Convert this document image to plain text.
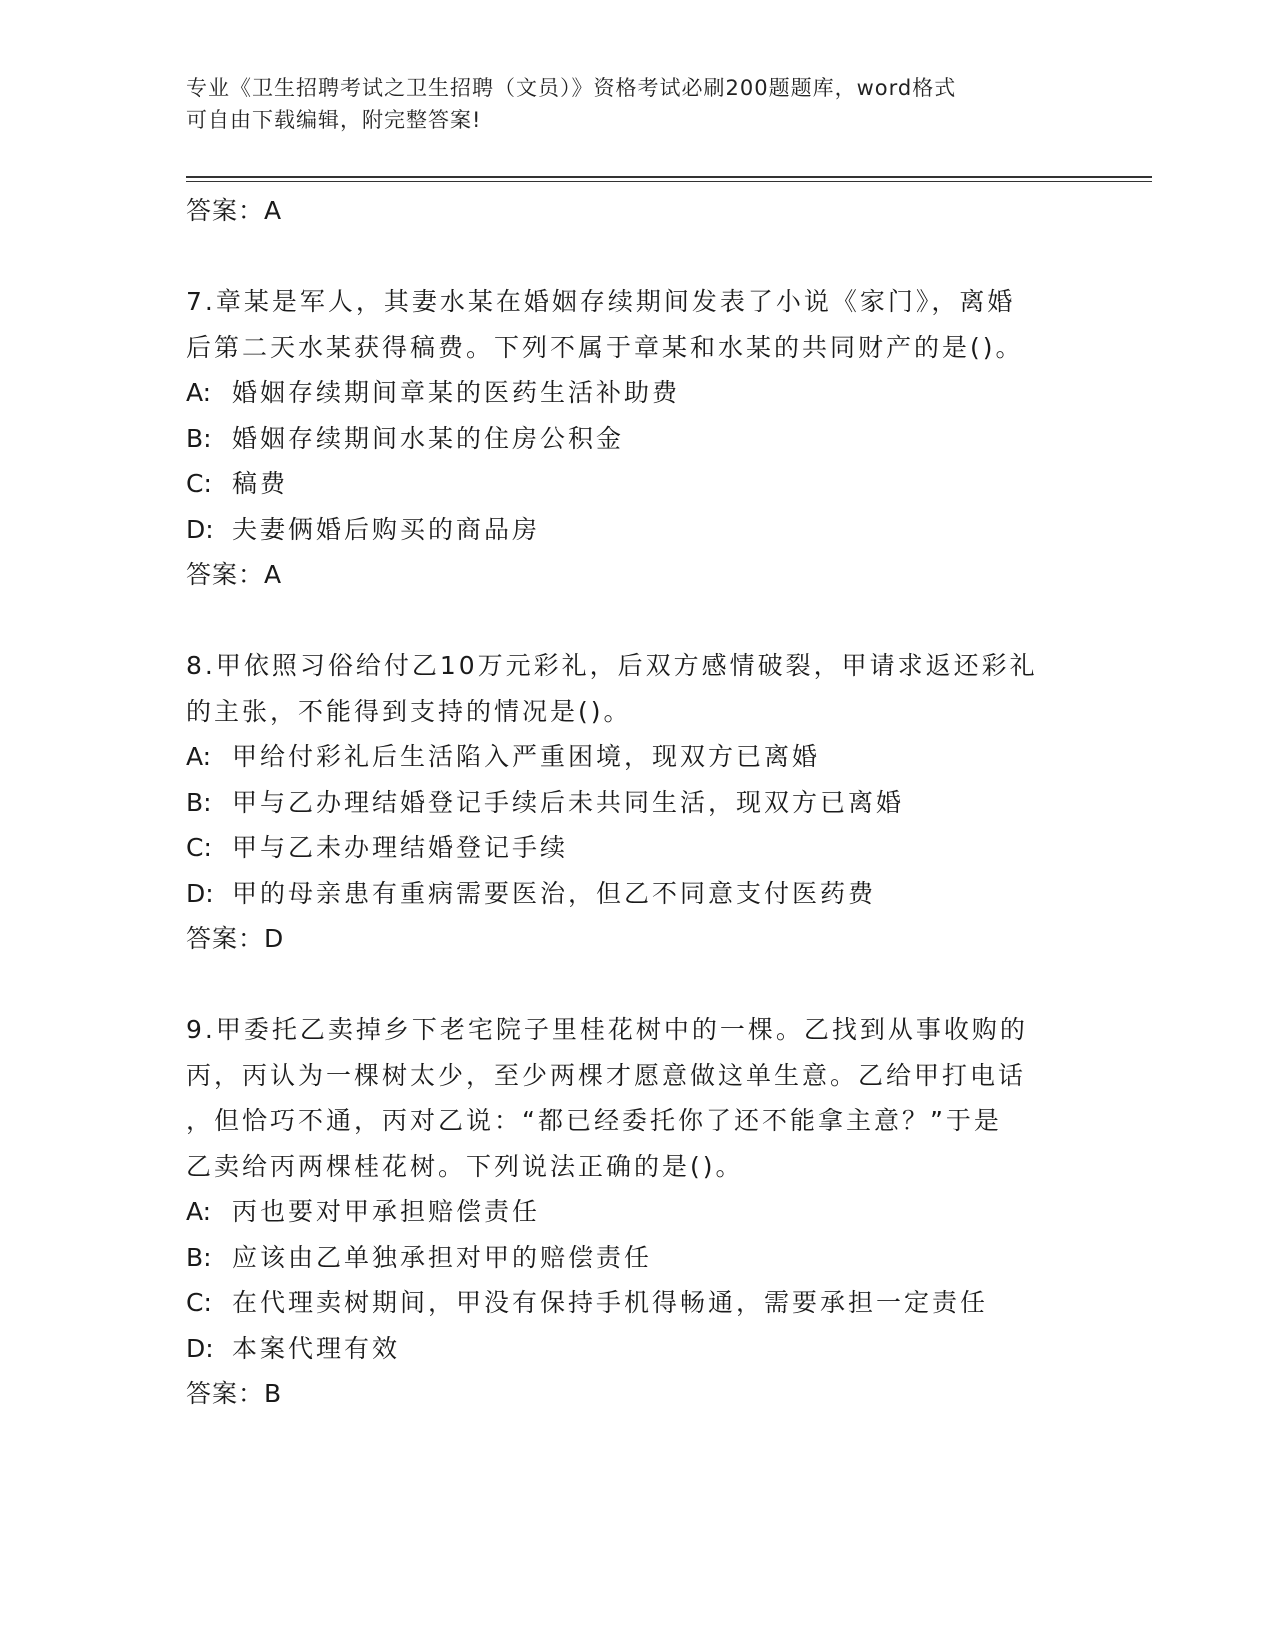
专业《卫生招聘考试之卫生招聘（文员）》资格考试必刷200题题库，word格式
可自由下载编辑，附完整答案!
答案：A
7.章某是军人，其妻水某在婚姻存续期间发表了小说《家门》，离婚
后第二天水某获得稿费。下列不属于章某和水某的共同财产的是()。
A: 婚姻存续期间章某的医药生活补助费
B: 婚姻存续期间水某的住房公积金
C: 稿费
D: 夫妻俩婚后购买的商品房
答案：A
8.甲依照习俗给付乙10万元彩礼，后双方感情破裂，甲请求返还彩礼
的主张，不能得到支持的情况是()。
A: 甲给付彩礼后生活陷入严重困境，现双方已离婚
B: 甲与乙办理结婚登记手续后未共同生活，现双方已离婚
C: 甲与乙未办理结婚登记手续
D: 甲的母亲患有重病需要医治，但乙不同意支付医药费
答案：D
9.甲委托乙卖掉乡下老宅院子里桂花树中的一棵。乙找到从事收购的
丙，丙认为一棵树太少，至少两棵才愿意做这单生意。乙给甲打电话
，但恰巧不通，丙对乙说：“都已经委托你了还不能拿主意？”于是
乙卖给丙两棵桂花树。下列说法正确的是()。
A: 丙也要对甲承担赔偿责任
B: 应该由乙单独承担对甲的赔偿责任
C: 在代理卖树期间，甲没有保持手机得畅通，需要承担一定责任
D: 本案代理有效
答案：B
